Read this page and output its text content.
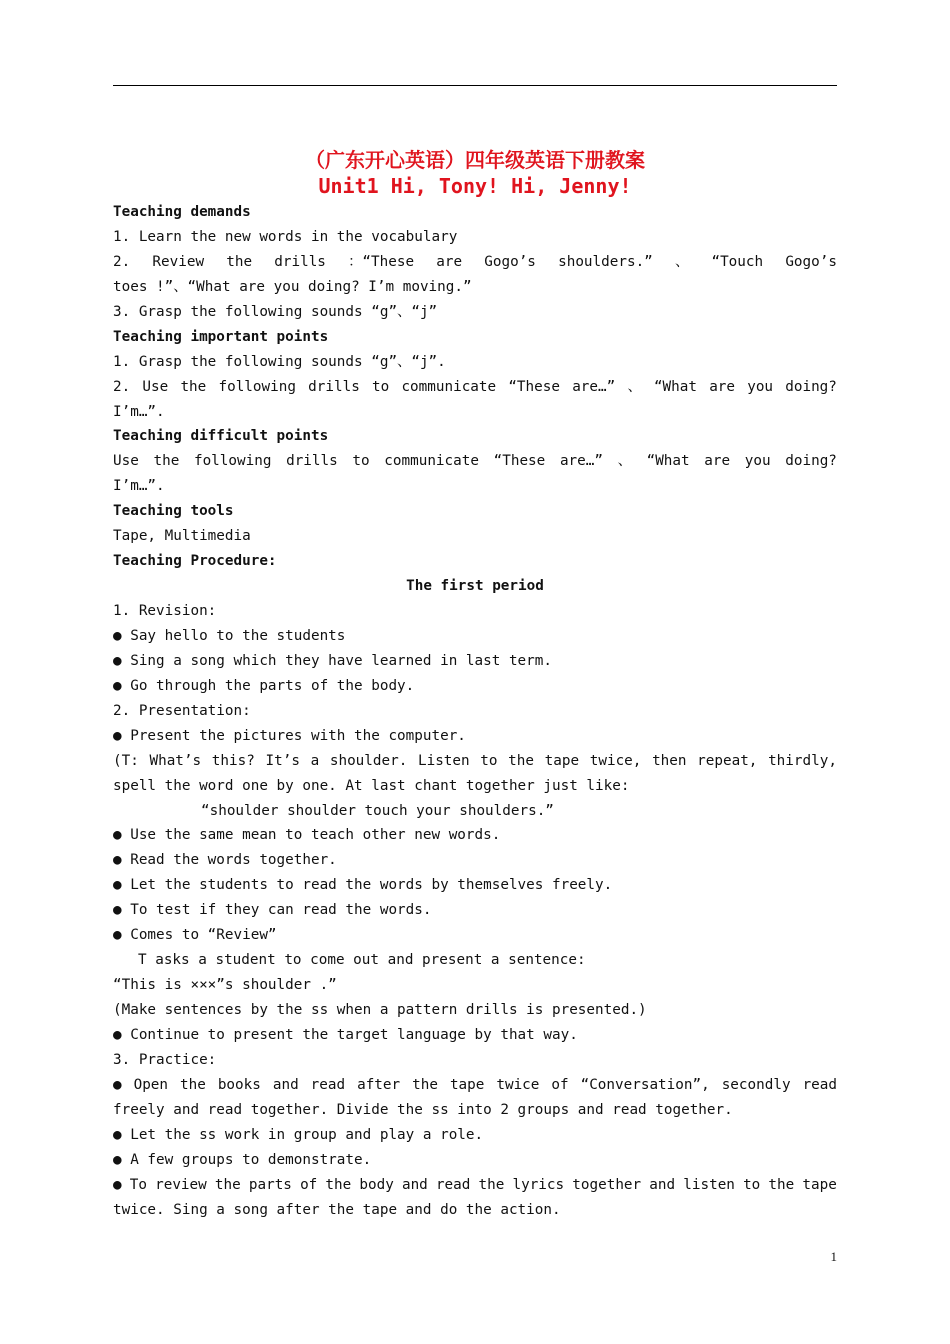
（广东开心英语）四年级英语下册教案
Unit1 Hi, Tony! Hi, Jenny!
Teaching demands
1. Learn the new words in the vocabulary
2. Review the drills ：“These are Gogo’s shoulders.” 、 “Touch Gogo’s
toes !”、“What are you doing? I’m moving.”
3. Grasp the following sounds “g”、“j”
Teaching important points
1. Grasp the following sounds “g”、“j”.
2. Use the following drills to communicate “These are…” 、 “What are you doing?
I’m…”.
Teaching difficult points
Use the following drills to communicate “These are…” 、 “What are you doing?
I’m…”.
Teaching tools
Tape, Multimedia
Teaching Procedure:
The first period
1. Revision:
● Say hello to the students
● Sing a song which they have learned in last term.
● Go through the parts of the body.
2. Presentation:
● Present the pictures with the computer.
(T: What’s this? It’s a shoulder. Listen to the tape twice, then repeat, thirdly,
spell the word one by one. At last chant together just like:
“shoulder shoulder touch your shoulders.”
● Use the same mean to teach other new words.
● Read the words together.
● Let the students to read the words by themselves freely.
● To test if they can read the words.
● Comes to “Review”
T asks a student to come out and present a sentence:
“This is ×××”s shoulder .”
(Make sentences by the ss when a pattern drills is presented.)
● Continue to present the target language by that way.
3. Practice:
● Open the books and read after the tape twice of “Conversation”, secondly read
freely and read together. Divide the ss into 2 groups and read together.
● Let the ss work in group and play a role.
● A few groups to demonstrate.
● To review the parts of the body and read the lyrics together and listen to the tape
twice. Sing a song after the tape and do the action.
1
